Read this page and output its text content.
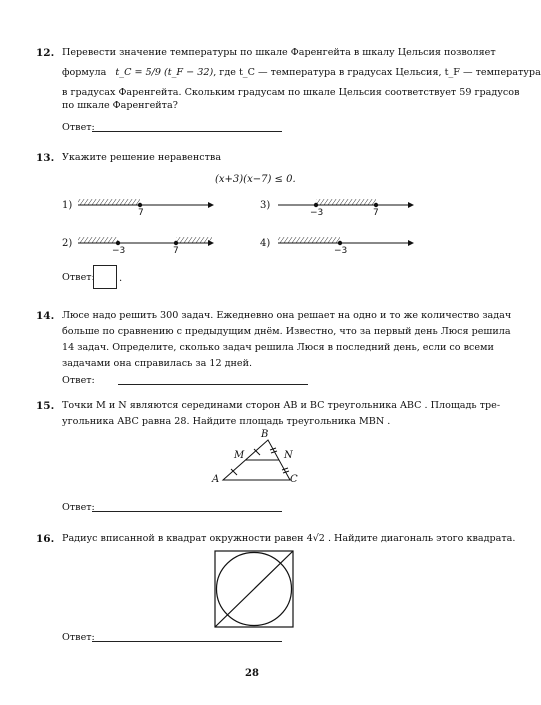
12. Перевести значение температуры по шкале Фаренгейта в шкалу Цельсия позволяет
формула t_C = 5/9 (t_F − 32), где t_C — температура в градусах Цельсия, t_F — температура
в градусах Фаренгейта. Скольким градусам по шкале Цельсия соответствует 59 градусов
по шкале Фаренгейта?
Ответ:
13. Укажите решение неравенства
(x+3)(x−7) ≤ 0.
1)
7
3)
−3	7
2)
−3	7
4)
−3
Ответ: .
14. Люсе надо решить 300 задач. Ежедневно она решает на одно и то же количество задач
больше по сравнению с предыдущим днём. Известно, что за первый день Люся решила
14 задач. Определите, сколько задач решила Люся в последний день, если со всеми
задачами она справилась за 12 дней.
Ответ:
15. Точки M и N являются серединами сторон AB и BC треугольника ABC . Площадь тре-
угольника ABC равна 28. Найдите площадь треугольника MBN .
B
M	N
A	C
Ответ:
16. Радиус вписанной в квадрат окружности равен 4√2 . Найдите диагональ этого квадрата.
Ответ:
28
